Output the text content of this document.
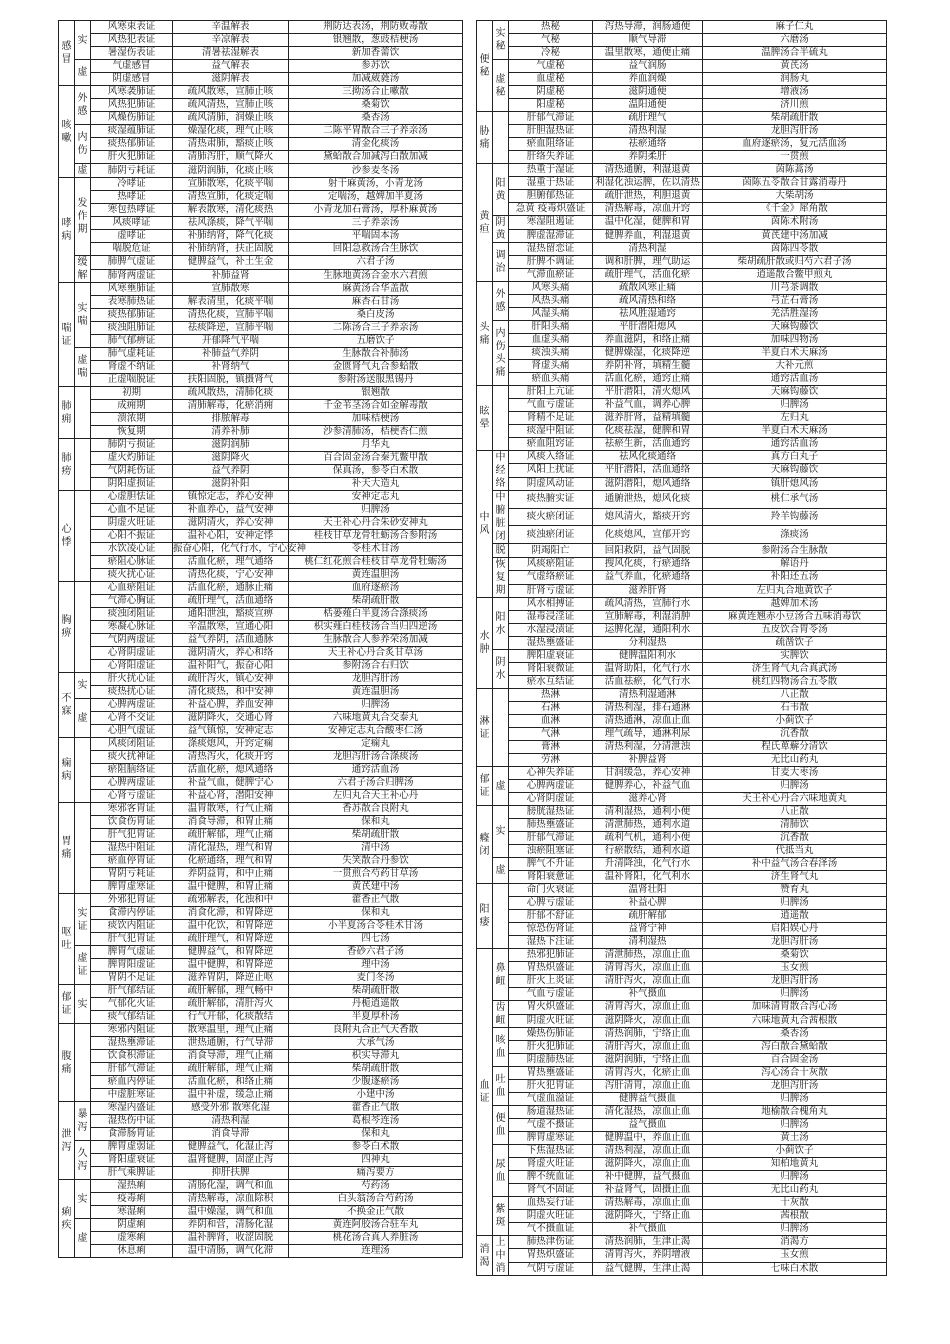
感冒	实	风寒束表证	辛温解表	荆防达表汤，荆防败毒散
		风热犯表证	辛凉解表	银翘散，葱豉桔梗汤
		暑湿伤表证	清暑祛湿解表	新加香薷饮
	虚	气虚感冒	益气解表	参苏饮
		阴虚感冒	滋阴解表	加减葳蕤汤
咳嗽	外感	风寒袭肺证	疏风散寒，宣肺止咳	三拗汤合止嗽散
		风热犯肺证	疏风清热，宣肺止咳	桑菊饮
		风燥伤肺证	疏风清肺，润燥止咳	桑杏汤
	内伤	痰湿蕴肺证	燥湿化痰，理气止咳	二陈平胃散合三子养亲汤
		痰热郁肺证	清热肃肺，豁痰止咳	清金化痰汤
		肝火犯肺证	清肺泻肝，顺气降火	黛蛤散合加减泻白散加减
	虚	肺阴亏耗证	滋阴润肺，化痰止咳	沙参麦冬汤
哮病	发作期	冷哮证	宣肺散寒，化痰平喘	射干麻黄汤，小青龙汤
		热哮证	清热宣肺，化痰定喘	定喘汤，越婢加半夏汤
		寒包热哮证	解表散寒，清化痰热	小青龙加石膏汤，厚朴麻黄汤
		风痰哮证	祛风涤痰，降气平喘	三子养亲汤
		虚哮证	补肺纳肾，降气化痰	平喘固本汤
		喘脱危证	补肺纳肾，扶正固脱	回阳急救汤合生脉饮
	缓解	肺脾气虚证	健脾益气，补土生金	六君子汤
		肺肾两虚证	补肺益肾	生脉地黄汤合金水六君煎
喘证	实喘	风寒壅肺证	宣肺散寒	麻黄汤合华盖散
		表寒肺热证	解表清里，化痰平喘	麻杏石甘汤
		痰热郁肺证	清热化痰，宣肺平喘	桑白皮汤
		痰浊阻肺证	祛痰降逆，宣肺平喘	二陈汤合三子养亲汤
		肺气郁痹证	开郁降气平喘	五磨饮子
	虚喘	肺气虚耗证	补肺益气养阴	生脉散合补肺汤
		肾虚不纳证	补肾纳气	金匮肾气丸合参蛤散
		正虚喘脱证	扶阳固脱，镇摄肾气	参附汤送服黑锡丹
肺痈		初期	疏风散热，清肺化痰	银翘散
		成痈期	清肺解毒，化瘀消痈	千金苇茎汤合如金解毒散
		溃浓期	排脓解毒	加味桔梗汤
		恢复期	清养补肺	沙参清肺汤，桔梗杏仁煎
肺痨		肺阴亏损证	滋阴润肺	月华丸
		虚火灼肺证	滋阴降火	百合固金汤合秦艽鳖甲散
		气阴耗伤证	益气养阴	保真汤，参苓白术散
		阴阳虚损证	滋阴补阳	补天大造丸
心悸		心虚胆怯证	镇惊定志，养心安神	安神定志丸
		心血不足证	补血养心，益气安神	归脾汤
		阴虚火旺证	滋阴清火，养心安神	天王补心丹合朱砂安神丸
		心阳不振证	温补心阳，安神定悸	桂枝甘草龙骨牡蛎汤合参附汤
		水饮凌心证	振奋心阳，化气行水，宁心安神	苓桂术甘汤
		瘀阻心脉证	活血化瘀，理气通络	桃仁红花煎合桂枝甘草龙骨牡蛎汤
		痰火扰心证	清热化痰，宁心安神	黄连温胆汤
胸痹		心血瘀阻证	活血化瘀，通脉止痛	血府逐瘀汤
		气滞心胸证	疏肝理气，活血通络	柴胡疏肝散
		痰浊闭阻证	通阳泄浊，豁痰宣痹	栝蒌薤白半夏汤合涤痰汤
		寒凝心脉证	辛温散寒，宣通心阳	枳实薤白桂枝汤合当归四逆汤
		气阴两虚证	益气养阴，活血通脉	生脉散合人参养荣汤加减
		心肾阴虚证	滋阴清火，养心和络	天王补心丹合炙甘草汤
		心肾阳虚证	温补阳气，振奋心阳	参附汤合右归饮
不寐	实	肝火扰心证	疏肝泻火，镇心安神	龙胆泻肝汤
		痰热扰心证	清化痰热，和中安神	黄连温胆汤
	虚	心脾两虚证	补益心脾，养血安神	归脾汤
		心肾不交证	滋阴降火，交通心肾	六味地黄丸合交泰丸
		心胆气虚证	益气镇惊，安神定志	安神定志丸合酸枣仁汤
痫病		风痰闭阻证	涤痰熄风，开窍定痫	定痫丸
		痰火扰神证	清热泻火，化痰开窍	龙胆泻肝汤合涤痰汤
		瘀阻脑络证	活血化瘀，熄风通络	通窍活血汤
		心脾两虚证	补益气血，健脾宁心	六君子汤合归脾汤
		心肾亏虚证	补益心肾，潜阳安神	左归丸合天王补心丹
胃痛		寒邪客胃证	温胃散寒，行气止痛	香苏散合良附丸
		饮食伤胃证	消食导滞，和胃止痛	保和丸
		肝气犯胃证	疏肝解郁，理气止痛	柴胡疏肝散
		湿热中阻证	清化湿热，理气和胃	清中汤
		瘀血停胃证	化瘀通络，理气和胃	失笑散合丹参饮
		胃阴亏耗证	养阴益胃，和中止痛	一贯煎合芍药甘草汤
		脾胃虚寒证	温中健脾，和胃止痛	黄芪建中汤
呕吐	实证	外邪犯胃证	疏邪解表，化浊和中	藿香正气散
		食滞内停证	消食化滞，和胃降逆	保和丸
		痰饮内阻证	温中化饮，和胃降逆	小半夏汤合苓桂术甘汤
		肝气犯胃证	疏肝理气，和胃降逆	四七汤
	虚证	脾胃气虚证	健脾益气，和胃降逆	香砂六君子汤
		脾胃阳虚证	温中健脾，和胃降逆	理中汤
		胃阴不足证	滋养胃阴，降逆止呕	麦门冬汤
郁证	实	肝气郁结证	疏肝解郁，理气畅中	柴胡疏肝散
		气郁化火证	疏肝解郁，清肝泻火	丹栀逍遥散
		痰气郁结证	行气开郁，化痰散结	半夏厚朴汤
腹痛		寒邪内阻证	散寒温里，理气止痛	良附丸合正气天香散
		湿热壅滞证	泄热通腑，行气导滞	大承气汤
		饮食积滞证	消食导滞，理气止痛	枳实导滞丸
		肝郁气滞证	疏肝解郁，理气止痛	柴胡疏肝散
		瘀血内停证	活血化瘀，和络止痛	少腹逐瘀汤
		中虚脏寒证	温中补虚，缓急止痛	小建中汤
泄泻	暴泻	寒湿内盛证	感受外邪 散寒化湿	藿香正气散
		湿热伤中证	清热利湿	葛根芩连汤
		食滞肠胃证	消食导滞	保和丸
	久泻	脾胃虚弱证	健脾益气，化湿止泻	参苓白术散
		肾阳虚衰证	温肾健脾，固涩止泻	四神丸
		肝气乘脾证	抑肝扶脾	痛泻要方
痢疾	实	湿热痢	清肠化湿，调气和血	芍药汤
		疫毒痢	清热解毒，凉血除积	白头翁汤合芍药汤
		寒湿痢	温中燥湿，调气和血	不换金正气散
	虚	阴虚痢	养阴和营，清肠化湿	黄连阿胶汤合驻车丸
		虚寒痢	温补脾肾，收涩固脱	桃花汤合真人养脏汤
		休息痢	温中清肠，调气化滞	连理汤
便秘	实秘	热秘	泻热导滞，润肠通便	麻子仁丸
		气秘	顺气导滞	六磨汤
		冷秘	温里散寒，通便止痛	温脾汤合半硫丸
	虚秘	气虚秘	益气润肠	黄芪汤
		血虚秘	养血润燥	润肠丸
		阴虚秘	滋阴通便	增液汤
		阳虚秘	温阳通便	济川煎
胁痛		肝郁气滞证	疏肝理气	柴胡疏肝散
		肝胆湿热证	清热利湿	龙胆泻肝汤
		瘀血阻络证	祛瘀通络	血府逐瘀汤，复元活血汤
		肝络失养证	养阴柔肝	一贯煎
黄疸	阳黄	热重于湿证	清热通腑，利湿退黄	茵陈蒿汤
		湿重于热证	利湿化浊运脾，佐以清热	茵陈五苓散合甘露消毒丹
		胆腑郁热证	疏肝泄热，利胆退黄	大柴胡汤
		急黄 疫毒炽盛证	清热解毒，凉血开窍	《千金》犀角散
	阴黄	寒湿阻遏证	温中化湿，健脾和胃	茵陈术附汤
		脾虚湿滞证	健脾养血，利湿退黄	黄芪建中汤加减
	调治	湿热留恋证	清热利湿	茵陈四苓散
		肝脾不调证	调和肝脾，理气助运	柴胡疏肝散或归芍六君子汤
		气滞血瘀证	疏肝理气，活血化瘀	逍遥散合鳖甲煎丸
头痛	外感	风寒头痛	疏散风寒止痛	川芎茶调散
		风热头痛	疏风清热和络	芎芷石膏汤
		风湿头痛	祛风胜湿通窍	羌活胜湿汤
	内伤头痛	肝阳头痛	平肝潜阳熄风	天麻钩藤饮
		血虚头痛	养血滋阴，和络止痛	加味四物汤
		痰浊头痛	健脾燥湿，化痰降逆	半夏白术天麻汤
		肾虚头痛	养阴补肾，填精生髓	大补元煎
		瘀血头痛	活血化瘀，通窍止痛	通窍活血汤
眩晕		肝阳上亢证	平肝潜阳，清火熄风	天麻钩藤饮
		气血亏虚证	补益气血，调养心脾	归脾汤
		肾精不足证	滋养肝肾，益精填髓	左归丸
		痰湿中阻证	化痰祛湿，健脾和胃	半夏白术天麻汤
		瘀血阻窍证	祛瘀生新，活血通窍	通窍活血汤
中风	中经络	风痰入络证	祛风化痰通络	真方白丸子
		风阳上扰证	平肝潜阳，活血通络	天麻钩藤饮
		阴虚风动证	滋阴潜阳，熄风通络	镇肝熄风汤
	中腑脏 闭	痰热腑实证	通腑泄热，熄风化痰	桃仁承气汤
		痰火瘀闭证	熄风清火，豁痰开窍	羚羊钩藤汤
		痰浊瘀闭证	化痰熄风，宣郁开窍	涤痰汤
	脱	阴竭阳亡	回阳救阴，益气固脱	参附汤合生脉散
	恢复期	风痰瘀阻证	搜风化痰，行瘀通络	解语丹
		气虚络瘀证	益气养血，化瘀通络	补阳还五汤
		肝肾亏虚证	滋养肝肾	左归丸合地黄饮子
水肿	阳水	风水相搏证	疏风清热，宣肺行水	越婢加术汤
		湿毒浸淫证	宣肺解毒，利湿消肿	麻黄连翘赤小豆汤合五味消毒饮
		水湿浸渍证	运脾化湿，通阳利水	五皮饮合胃苓汤
		湿热壅盛证	分利湿热	疏凿饮子
	阴水	脾阳虚衰证	健脾温阳利水	实脾饮
		肾阳衰微证	温肾助阳，化气行水	济生肾气丸合真武汤
		瘀水互结证	活血祛瘀，化气行水	桃红四物汤合五苓散
淋证		热淋	清热利湿通淋	八正散
		石淋	清热利湿，排石通淋	石韦散
		血淋	清热通淋，凉血止血	小蓟饮子
		气淋	理气疏导，通淋利尿	沉香散
		膏淋	清热利湿，分清泄浊	程氏萆薢分清饮
		劳淋	补脾益肾	无比山药丸
郁证	虚	心神失养证	甘润缓急，养心安神	甘麦大枣汤
		心脾两虚证	健脾养心，补益气血	归脾汤
		心肾阴虚证	滋养心肾	天王补心丹合六味地黄丸
癃闭	实	膀胱湿热证	清利湿热，通利小便	八正散
		肺热壅盛证	清泄肺热，通利水道	清肺饮
		肝郁气滞证	疏利气机，通利小便	沉香散
		浊瘀阻塞证	行瘀散结，通利水道	代抵当丸
	虚	脾气不升证	升清降浊，化气行水	补中益气汤合春泽汤
		肾阳衰惫证	温补肾阳，化气利水	济生肾气丸
阳痿		命门火衰证	温肾壮阳	赞育丸
		心脾亏虚证	补益心脾	归脾汤
		肝郁不舒证	疏肝解郁	逍遥散
		惊恐伤肾证	益肾宁神	启阳娱心丹
		湿热下注证	清利湿热	龙胆泻肝汤
血证	鼻衄	热邪犯肺证	清泄肺热，凉血止血	桑菊饮
		胃热炽盛证	清胃泻火，凉血止血	玉女煎
		肝火上炎证	清肝泻火，凉血止血	龙胆泻肝汤
		气血亏虚证	补气摄血	归脾汤
	齿衄	胃火炽盛证	清胃泻火，凉血止血	加味清胃散合泻心汤
		阴虚火旺证	滋阴降火，凉血止血	六味地黄丸合茜根散
	咳血	燥热伤肺证	清热润肺，宁络止血	桑杏汤
		肝火犯肺证	清肝泻火，凉血止血	泻白散合黛蛤散
		阴虚肺热证	滋阴润肺，宁络止血	百合固金汤
	吐血	胃热壅盛证	清胃泻火，化瘀止血	泻心汤合十灰散
		肝火犯胃证	泻肝清胃，凉血止血	龙胆泻肝汤
		气虚血溢证	健脾益气摄血	归脾汤
	便血	肠道湿热证	清化湿热，凉血止血	地榆散合槐角丸
		气虚不摄证	益气摄血	归脾汤
		脾胃虚寒证	健脾温中，养血止血	黄土汤
	尿血	下焦湿热证	清热利湿，凉血止血	小蓟饮子
		肾虚火旺证	滋阴降火，凉血止血	知柏地黄丸
		脾不统血证	补中健脾，益气摄血	归脾汤
		肾气不固证	补益肾气，固摄止血	无比山药丸
	紫斑	血热妄行证	清热解毒，凉血止血	十灰散
		阴虚火旺证	滋阴降火，宁络止血	茜根散
		气不摄血证	补气摄血	归脾汤
消渴	上中消	肺热津伤证	清热润肺，生津止渴	消渴方
		胃热炽盛证	清胃泻火，养阴增液	玉女煎
		气阴亏虚证	益气健脾，生津止渴	七味白术散
